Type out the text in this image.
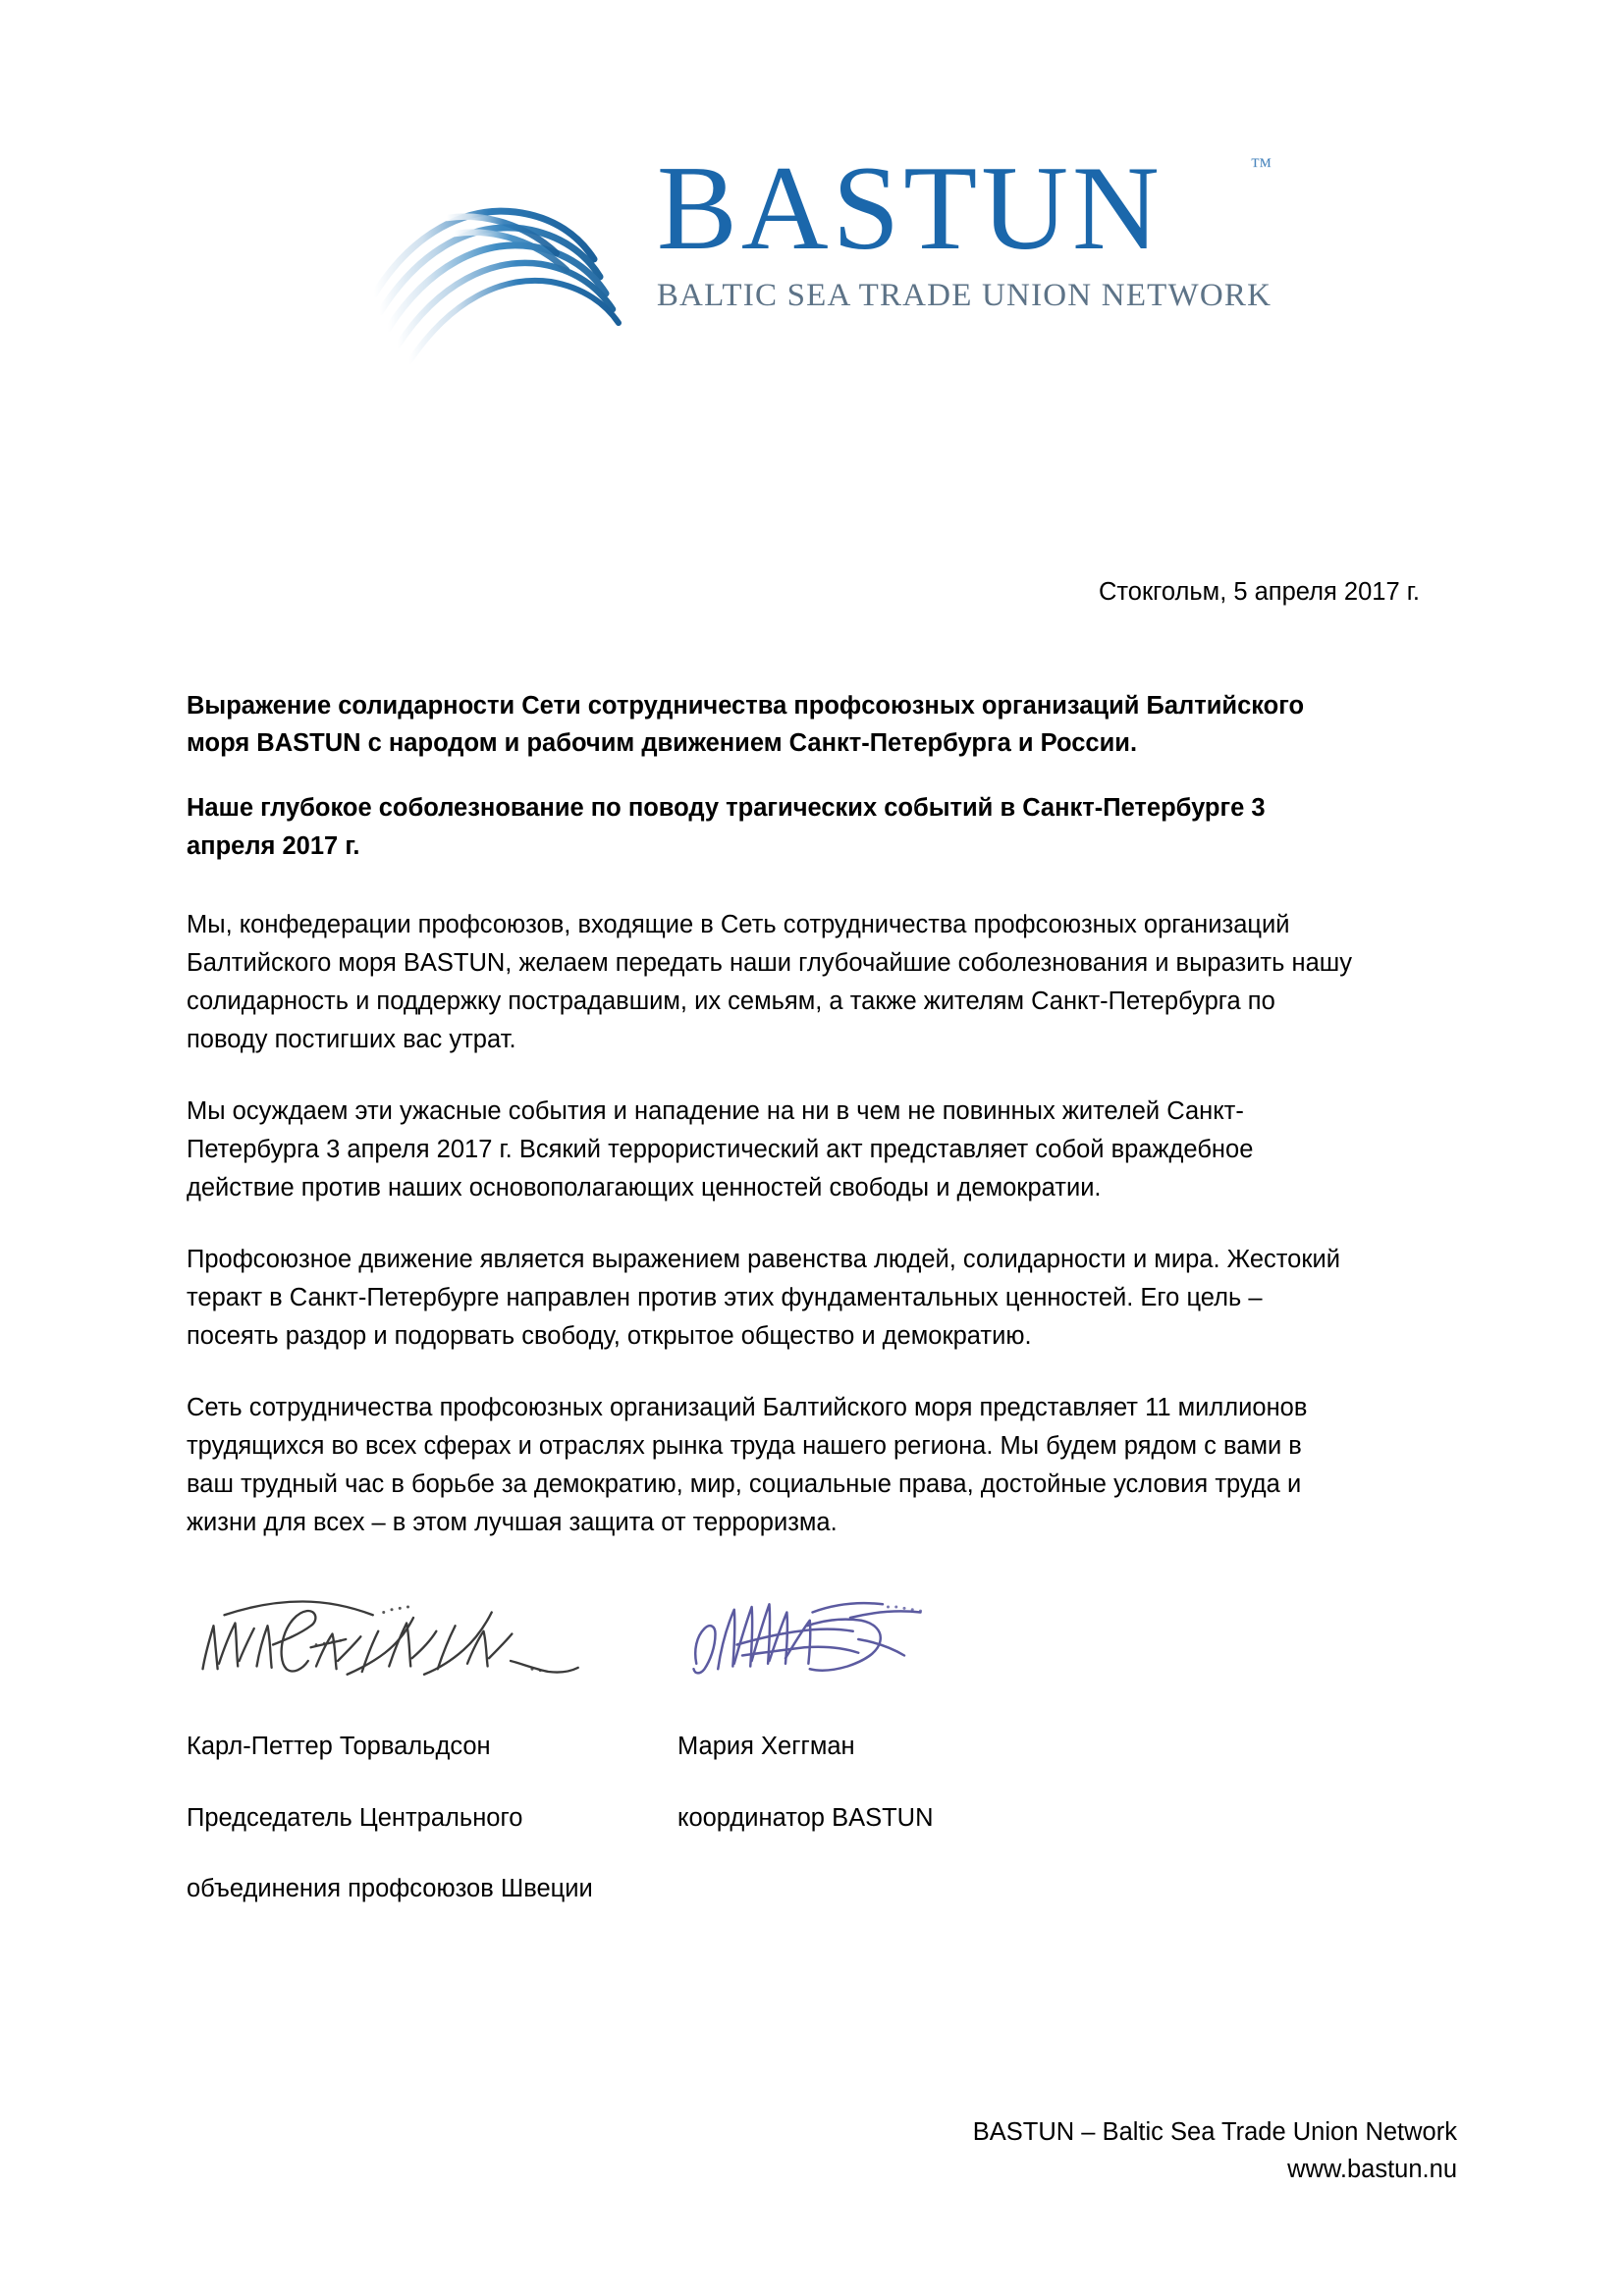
BASTUN	™
BALTIC SEA TRADE UNION NETWORK
Стокгольм, 5 апреля 2017 г.

Выражение солидарности Сети сотрудничества профсоюзных организаций Балтийского моря BASTUN с народом и рабочим движением Санкт-Петербурга и России.

Наше глубокое соболезнование по поводу трагических событий в Санкт-Петербурге 3 апреля 2017 г.

Мы, конфедерации профсоюзов, входящие в Сеть сотрудничества профсоюзных организаций Балтийского моря BASTUN, желаем передать наши глубочайшие соболезнования и выразить нашу солидарность и поддержку пострадавшим, их семьям, а также жителям Санкт-Петербурга по поводу постигших вас утрат.

Мы осуждаем эти ужасные события и нападение на ни в чем не повинных жителей Санкт-Петербурга 3 апреля 2017 г. Всякий террористический акт представляет собой враждебное действие против наших основополагающих ценностей свободы и демократии.

Профсоюзное движение является выражением равенства людей, солидарности и мира. Жестокий теракт в Санкт-Петербурге направлен против этих фундаментальных ценностей. Его цель – посеять раздор и подорвать свободу, открытое общество и демократию.

Сеть сотрудничества профсоюзных организаций Балтийского моря представляет 11 миллионов трудящихся во всех сферах и отраслях рынка труда нашего региона. Мы будем рядом с вами в ваш трудный час в борьбе за демократию, мир, социальные права, достойные условия труда и жизни для всех – в этом лучшая защита от терроризма.

Карл-Петтер Торвальдсон

Председатель Центрального

объединения профсоюзов Швеции

Мария Хеггман

координатор BASTUN

BASTUN – Baltic Sea Trade Union Network
www.bastun.nu
